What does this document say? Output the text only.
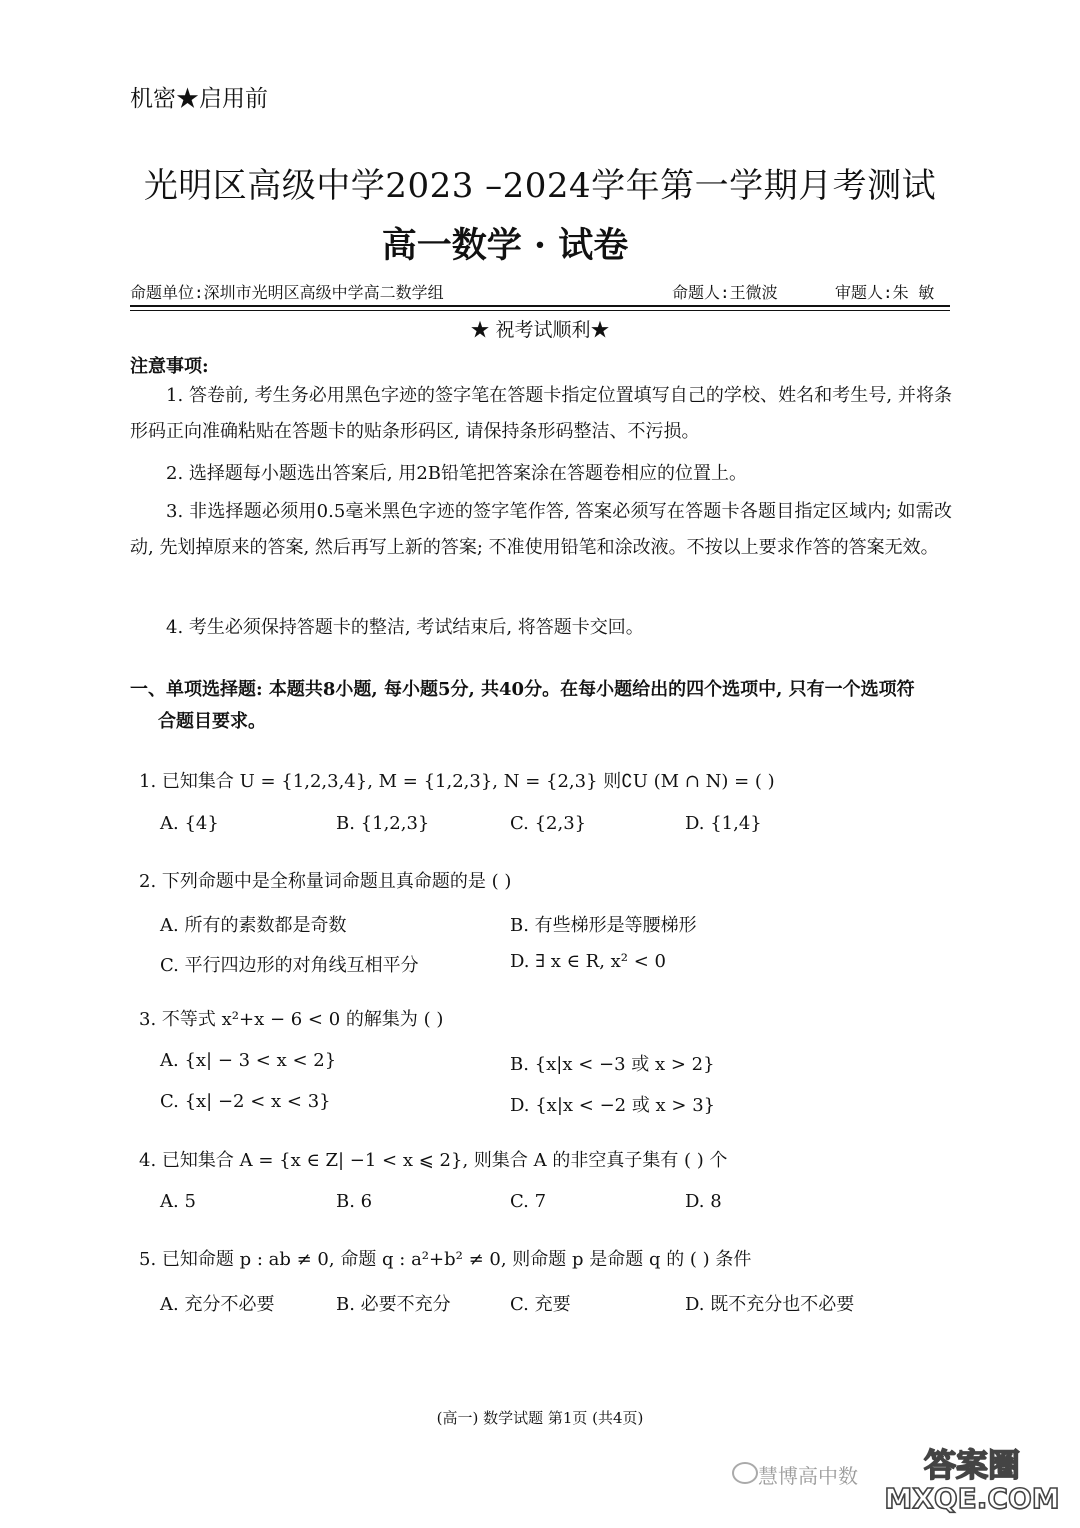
机密★启用前
光明区高级中学2023 –2024学年第一学期月考测试
高一数学 · 试卷
命题单位:深圳市光明区高级中学高二数学组	命题人:王微波	审题人:朱 敏
★ 祝考试顺利★
注意事项:
1. 答卷前, 考生务必用黑色字迹的签字笔在答题卡指定位置填写自己的学校、姓名和考生号, 并将条形码正向准确粘贴在答题卡的贴条形码区, 请保持条形码整洁、不污损。
2. 选择题每小题选出答案后, 用2B铅笔把答案涂在答题卷相应的位置上。
3. 非选择题必须用0.5毫米黑色字迹的签字笔作答, 答案必须写在答题卡各题目指定区域内; 如需改动, 先划掉原来的答案, 然后再写上新的答案; 不准使用铅笔和涂改液。不按以上要求作答的答案无效。
4. 考生必须保持答题卡的整洁, 考试结束后, 将答题卡交回。
一、单项选择题: 本题共8小题, 每小题5分, 共40分。在每小题给出的四个选项中, 只有一个选项符
合题目要求。
1. 已知集合 U = {1,2,3,4}, M = {1,2,3}, N = {2,3} 则∁U (M ∩ N) = ( )
A. {4}	B. {1,2,3}	C. {2,3}	D. {1,4}
2. 下列命题中是全称量词命题且真命题的是 ( )
A. 所有的素数都是奇数	B. 有些梯形是等腰梯形
C. 平行四边形的对角线互相平分	D. ∃ x ∈ R, x² < 0
3. 不等式 x²+x − 6 < 0 的解集为 ( )
A. {x| − 3 < x < 2}	B. {x|x < −3 或 x > 2}
C. {x| −2 < x < 3}	D. {x|x < −2 或 x > 3}
4. 已知集合 A = {x ∈ Z| −1 < x ⩽ 2}, 则集合 A 的非空真子集有 ( ) 个
A. 5	B. 6	C. 7	D. 8
5. 已知命题 p : ab ≠ 0, 命题 q : a²+b² ≠ 0, 则命题 p 是命题 q 的 ( ) 条件
A. 充分不必要	B. 必要不充分	C. 充要	D. 既不充分也不必要
(高一) 数学试题 第1页 (共4页)
慧博高中数 答案圈
MXQE.COM
